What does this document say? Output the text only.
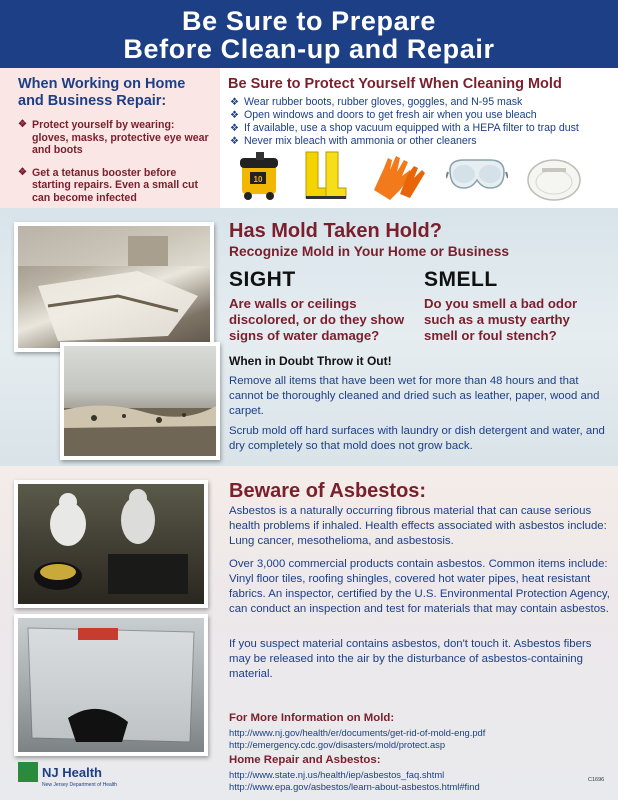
Be Sure to Prepare
Before Clean-up and Repair
When Working on Home and Business Repair:
❖ Protect yourself by wearing: gloves, masks, protective eye wear and boots
❖ Get a tetanus booster before starting repairs. Even a small cut can become infected
Be Sure to Protect Yourself When Cleaning Mold
❖ Wear rubber boots, rubber gloves, goggles, and N-95 mask
❖ Open windows and doors to get fresh air when you use bleach
❖ If available, use a shop vacuum equipped with a HEPA filter to trap dust
❖ Never mix bleach with ammonia or other cleaners
10
Has Mold Taken Hold?
Recognize Mold in Your Home or Business
SIGHT
Are walls or ceilings discolored, or do they show signs of water damage?
SMELL
Do you smell a bad odor such as a musty earthy smell or foul stench?
When in Doubt Throw it Out!
Remove all items that have been wet for more than 48 hours and that cannot be thoroughly cleaned and dried such as leather, paper, wood and carpet.
Scrub mold off hard surfaces with laundry or dish detergent and water, and dry completely so that mold does not grow back.
Beware of Asbestos:
Asbestos is a naturally occurring fibrous material that can cause serious health problems if inhaled. Health effects associated with asbestos include: Lung cancer, mesothelioma, and asbestosis.
Over 3,000 commercial products contain asbestos. Common items include: Vinyl floor tiles, roofing shingles, covered hot water pipes, heat resistant fabrics. An inspector, certified by the U.S. Environmental Protection Agency, can conduct an inspection and test for materials that may contain asbestos.
If you suspect material contains asbestos, don't touch it. Asbestos fibers may be released into the air by the disturbance of asbestos-containing material.
For More Information on Mold:
http://www.nj.gov/health/er/documents/get-rid-of-mold-eng.pdf
http://emergency.cdc.gov/disasters/mold/protect.asp
Home Repair and Asbestos:
http://www.state.nj.us/health/iep/asbestos_faq.shtml
http://www.epa.gov/asbestos/learn-about-asbestos.html#find
NJ Health
New Jersey Department of Health
C1696
